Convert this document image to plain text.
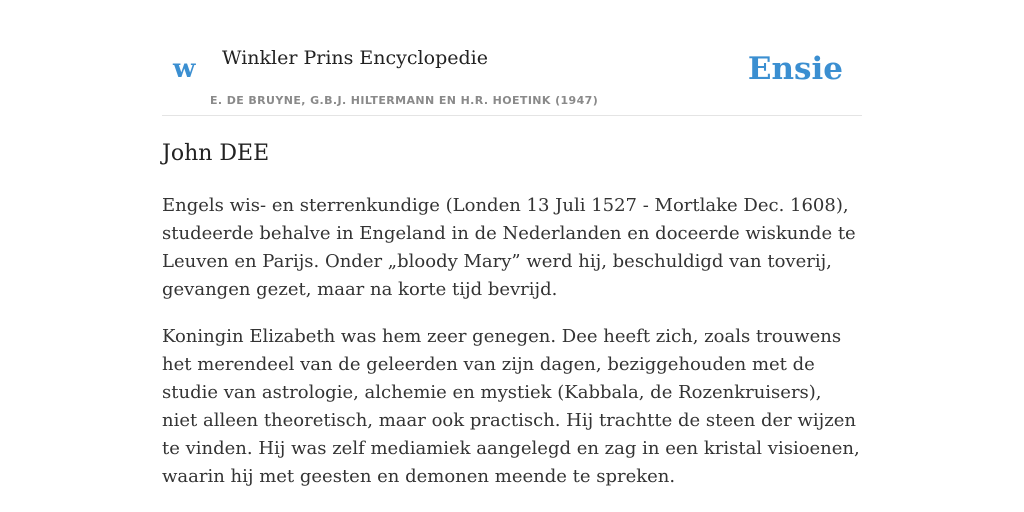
w Winkler Prins Encyclopedie
E. DE BRUYNE, G.B.J. HILTERMANN EN H.R. HOETINK (1947)
Ensie
John DEE

Engels wis- en sterrenkundige (Londen 13 Juli 1527 - Mortlake Dec. 1608), studeerde behalve in Engeland in de Nederlanden en doceerde wiskunde te Leuven en Parijs. Onder „bloody Mary” werd hij, beschuldigd van toverij, gevangen gezet, maar na korte tijd bevrijd.

Koningin Elizabeth was hem zeer genegen. Dee heeft zich, zoals trouwens het merendeel van de geleerden van zijn dagen, beziggehouden met de studie van astrologie, alchemie en mystiek (Kabbala, de Rozenkruisers), niet alleen theoretisch, maar ook practisch. Hij trachtte de steen der wijzen te vinden. Hij was zelf mediamiek aangelegd en zag in een kristal visioenen, waarin hij met geesten en demonen meende te spreken.
